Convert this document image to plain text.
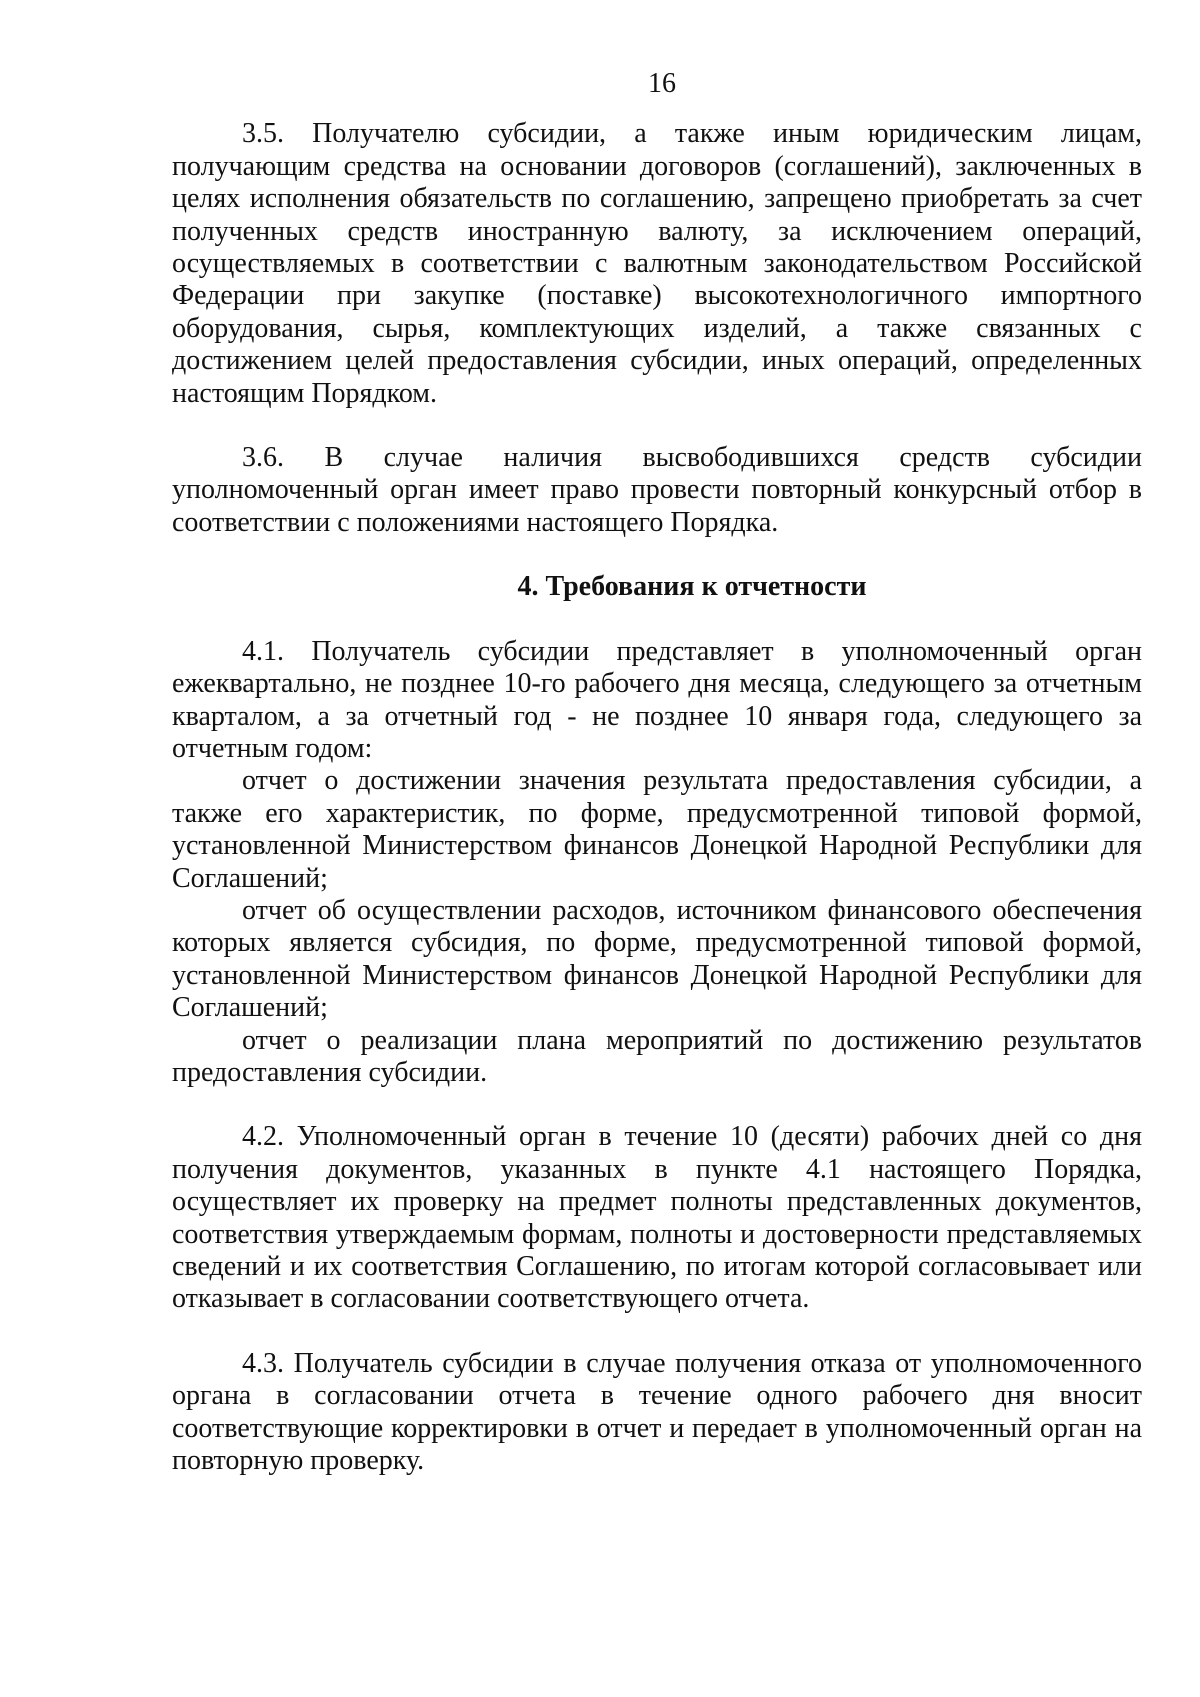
16

3.5. Получателю субсидии, а также иным юридическим лицам, получающим средства на основании договоров (соглашений), заключенных в целях исполнения обязательств по соглашению, запрещено приобретать за счет полученных средств иностранную валюту, за исключением операций, осуществляемых в соответствии с валютным законодательством Российской Федерации при закупке (поставке) высокотехнологичного импортного оборудования, сырья, комплектующих изделий, а также связанных с достижением целей предоставления субсидии, иных операций, определенных настоящим Порядком.

3.6. В случае наличия высвободившихся средств субсидии уполномоченный орган имеет право провести повторный конкурсный отбор в соответствии с положениями настоящего Порядка.

4. Требования к отчетности

4.1. Получатель субсидии представляет в уполномоченный орган ежеквартально, не позднее 10-го рабочего дня месяца, следующего за отчетным кварталом, а за отчетный год - не позднее 10 января года, следующего за отчетным годом:

отчет о достижении значения результата предоставления субсидии, а также его характеристик, по форме, предусмотренной типовой формой, установленной Министерством финансов Донецкой Народной Республики для Соглашений;

отчет об осуществлении расходов, источником финансового обеспечения которых является субсидия, по форме, предусмотренной типовой формой, установленной Министерством финансов Донецкой Народной Республики для Соглашений;

отчет о реализации плана мероприятий по достижению результатов предоставления субсидии.

4.2. Уполномоченный орган в течение 10 (десяти) рабочих дней со дня получения документов, указанных в пункте 4.1 настоящего Порядка, осуществляет их проверку на предмет полноты представленных документов, соответствия утверждаемым формам, полноты и достоверности представляемых сведений и их соответствия Соглашению, по итогам которой согласовывает или отказывает в согласовании соответствующего отчета.

4.3. Получатель субсидии в случае получения отказа от уполномоченного органа в согласовании отчета в течение одного рабочего дня вносит соответствующие корректировки в отчет и передает в уполномоченный орган на повторную проверку.
